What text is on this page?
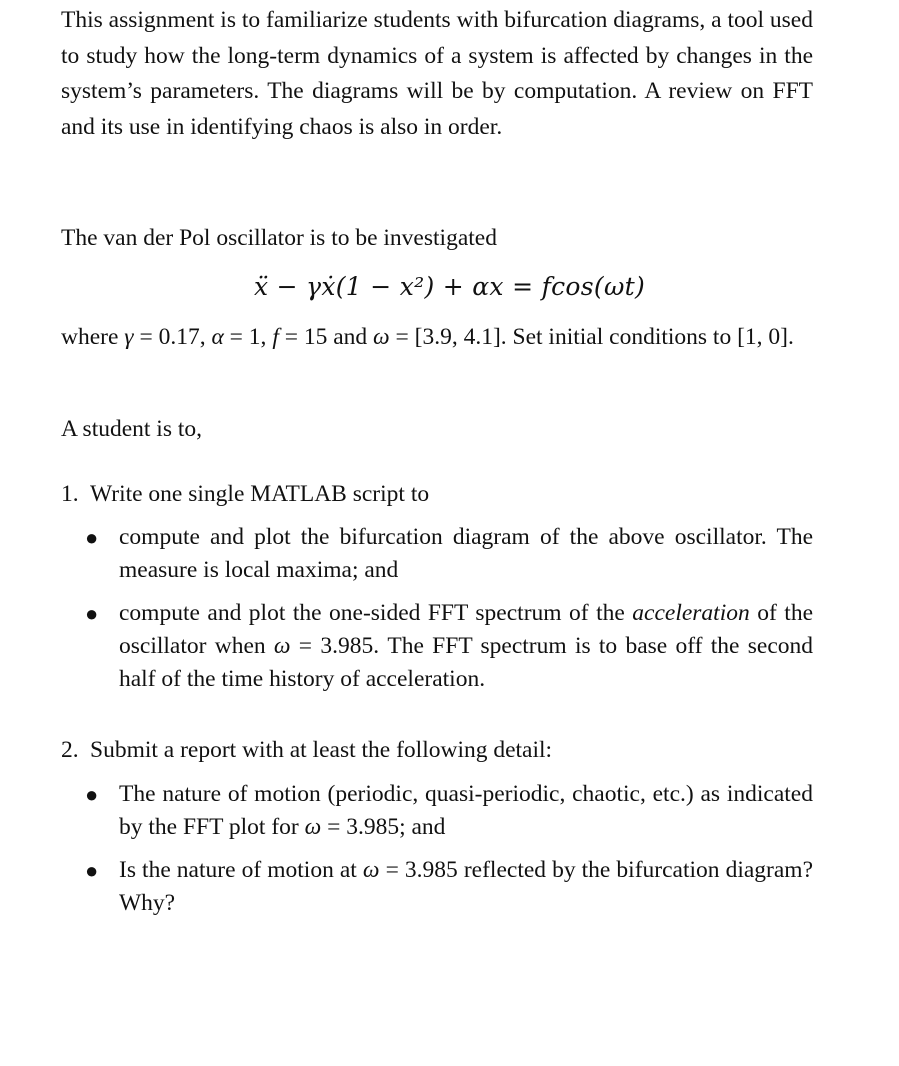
This assignment is to familiarize students with bifurcation diagrams, a tool used to study how the long-term dynamics of a system is affected by changes in the system’s parameters. The diagrams will be by computation. A review on FFT and its use in identifying chaos is also in order.

The van der Pol oscillator is to be investigated

ẍ − γẋ(1 − x²) + αx = fcos(ωt)

where γ = 0.17, α = 1, f = 15 and ω = [3.9, 4.1]. Set initial conditions to [1, 0].

A student is to,

1. Write one single MATLAB script to

● compute and plot the bifurcation diagram of the above oscillator. The measure is local maxima; and
● compute and plot the one-sided FFT spectrum of the acceleration of the oscillator when ω = 3.985. The FFT spectrum is to base off the second half of the time history of acceleration.

2. Submit a report with at least the following detail:

● The nature of motion (periodic, quasi-periodic, chaotic, etc.) as indicated by the FFT plot for ω = 3.985; and
● Is the nature of motion at ω = 3.985 reflected by the bifurcation diagram? Why?
